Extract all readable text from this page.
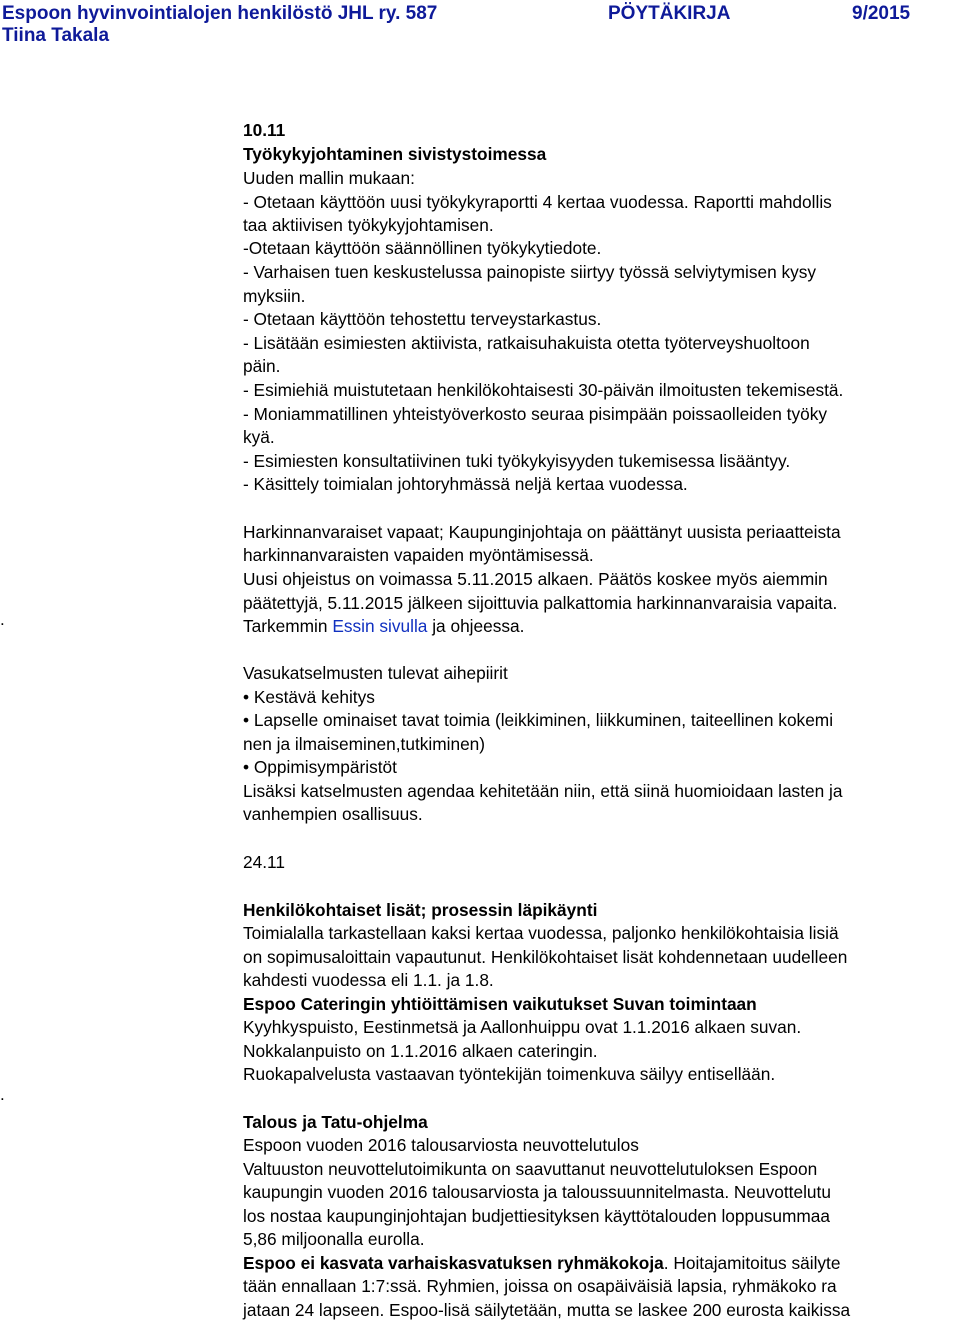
Espoon hyvinvointialojen henkilöstö JHL ry. 587	PÖYTÄKIRJA	9/2015
Tiina Takala
.
.
10.11
Työkykyjohtaminen sivistystoimessa
Uuden mallin mukaan:
- Otetaan käyttöön uusi työkykyraportti 4 kertaa vuodessa. Raportti mahdollis
taa aktiivisen työkykyjohtamisen.
-Otetaan käyttöön säännöllinen työkykytiedote.
- Varhaisen tuen keskustelussa painopiste siirtyy työssä selviytymisen kysy
myksiin.
- Otetaan käyttöön tehostettu terveystarkastus.
- Lisätään esimiesten aktiivista, ratkaisuhakuista otetta työterveyshuoltoon
päin.
- Esimiehiä muistutetaan henkilökohtaisesti 30-päivän ilmoitusten tekemisestä.
- Moniammatillinen yhteistyöverkosto seuraa pisimpään poissaolleiden työky
kyä.
- Esimiesten konsultatiivinen tuki työkykyisyyden tukemisessa lisääntyy.
- Käsittely toimialan johtoryhmässä neljä kertaa vuodessa.
Harkinnanvaraiset vapaat; Kaupunginjohtaja on päättänyt uusista periaatteista
harkinnanvaraisten vapaiden myöntämisessä.
Uusi ohjeistus on voimassa 5.11.2015 alkaen. Päätös koskee myös aiemmin
päätettyjä, 5.11.2015 jälkeen sijoittuvia palkattomia harkinnanvaraisia vapaita.
Tarkemmin Essin sivulla ja ohjeessa.
Vasukatselmusten tulevat aihepiirit
• Kestävä kehitys
• Lapselle ominaiset tavat toimia (leikkiminen, liikkuminen, taiteellinen kokemi
nen ja ilmaiseminen,tutkiminen)
• Oppimisympäristöt
Lisäksi katselmusten agendaa kehitetään niin, että siinä huomioidaan lasten ja
vanhempien osallisuus.
24.11
Henkilökohtaiset lisät; prosessin läpikäynti
Toimialalla tarkastellaan kaksi kertaa vuodessa, paljonko henkilökohtaisia lisiä
on sopimusaloittain vapautunut. Henkilökohtaiset lisät kohdennetaan uudelleen
kahdesti vuodessa eli 1.1. ja 1.8.
Espoo Cateringin yhtiöittämisen vaikutukset Suvan toimintaan
Kyyhkyspuisto, Eestinmetsä ja Aallonhuippu ovat 1.1.2016 alkaen suvan.
Nokkalanpuisto on 1.1.2016 alkaen cateringin.
Ruokapalvelusta vastaavan työntekijän toimenkuva säilyy entisellään.
Talous ja Tatu-ohjelma
Espoon vuoden 2016 talousarviosta neuvottelutulos
Valtuuston neuvottelutoimikunta on saavuttanut neuvottelutuloksen Espoon
kaupungin vuoden 2016 talousarviosta ja taloussuunnitelmasta. Neuvottelutu
los nostaa kaupunginjohtajan budjettiesityksen käyttötalouden loppusummaa
5,86 miljoonalla eurolla.
Espoo ei kasvata varhaiskasvatuksen ryhmäkokoja. Hoitajamitoitus säilyte
tään ennallaan 1:7:ssä. Ryhmien, joissa on osapäiväisiä lapsia, ryhmäkoko ra
jataan 24 lapseen. Espoo-lisä säilytetään, mutta se laskee 200 eurosta kaikissa
